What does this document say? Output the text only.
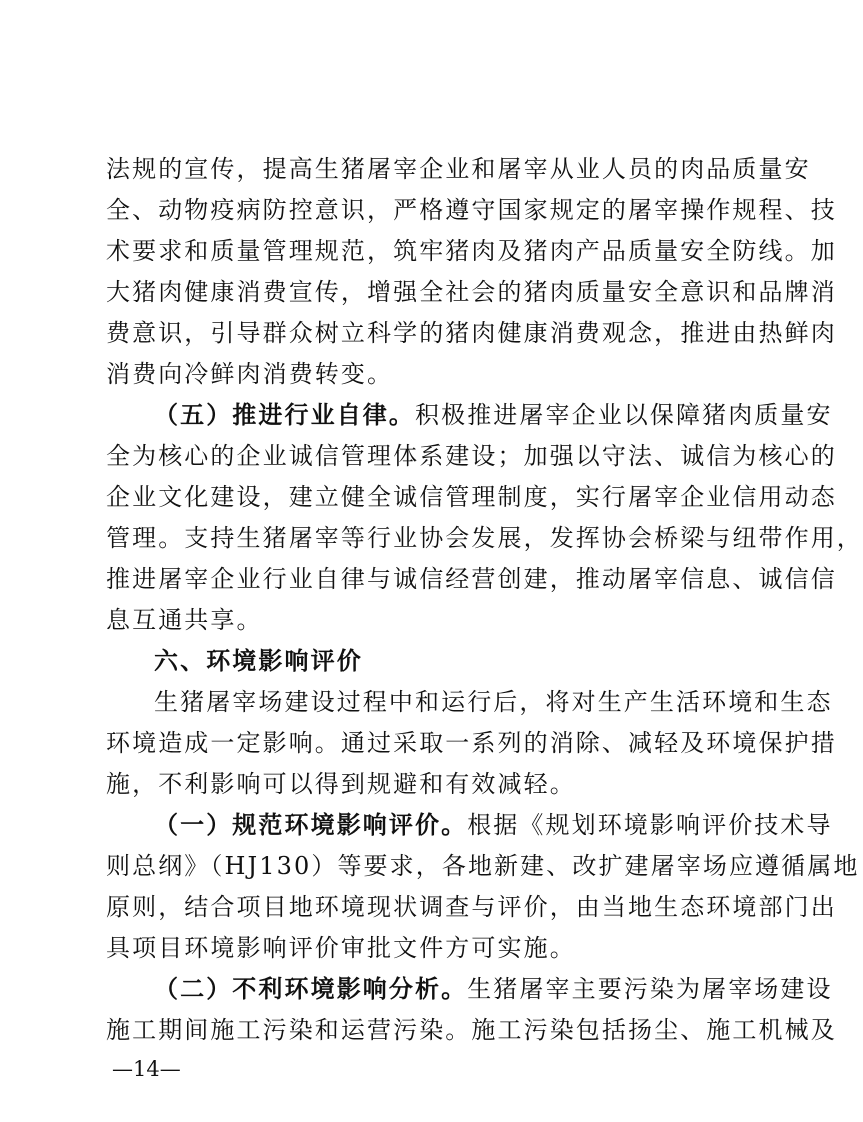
法规的宣传，提高生猪屠宰企业和屠宰从业人员的肉品质量安
全、动物疫病防控意识，严格遵守国家规定的屠宰操作规程、技
术要求和质量管理规范，筑牢猪肉及猪肉产品质量安全防线。加
大猪肉健康消费宣传，增强全社会的猪肉质量安全意识和品牌消
费意识，引导群众树立科学的猪肉健康消费观念，推进由热鲜肉
消费向冷鲜肉消费转变。
（五）推进行业自律。积极推进屠宰企业以保障猪肉质量安
全为核心的企业诚信管理体系建设；加强以守法、诚信为核心的
企业文化建设，建立健全诚信管理制度，实行屠宰企业信用动态
管理。支持生猪屠宰等行业协会发展，发挥协会桥梁与纽带作用，
推进屠宰企业行业自律与诚信经营创建，推动屠宰信息、诚信信
息互通共享。
六、环境影响评价
生猪屠宰场建设过程中和运行后，将对生产生活环境和生态
环境造成一定影响。通过采取一系列的消除、减轻及环境保护措
施，不利影响可以得到规避和有效减轻。
（一）规范环境影响评价。根据《规划环境影响评价技术导
则总纲》（HJ130）等要求，各地新建、改扩建屠宰场应遵循属地
原则，结合项目地环境现状调查与评价，由当地生态环境部门出
具项目环境影响评价审批文件方可实施。
（二）不利环境影响分析。生猪屠宰主要污染为屠宰场建设
施工期间施工污染和运营污染。施工污染包括扬尘、施工机械及
—14—
